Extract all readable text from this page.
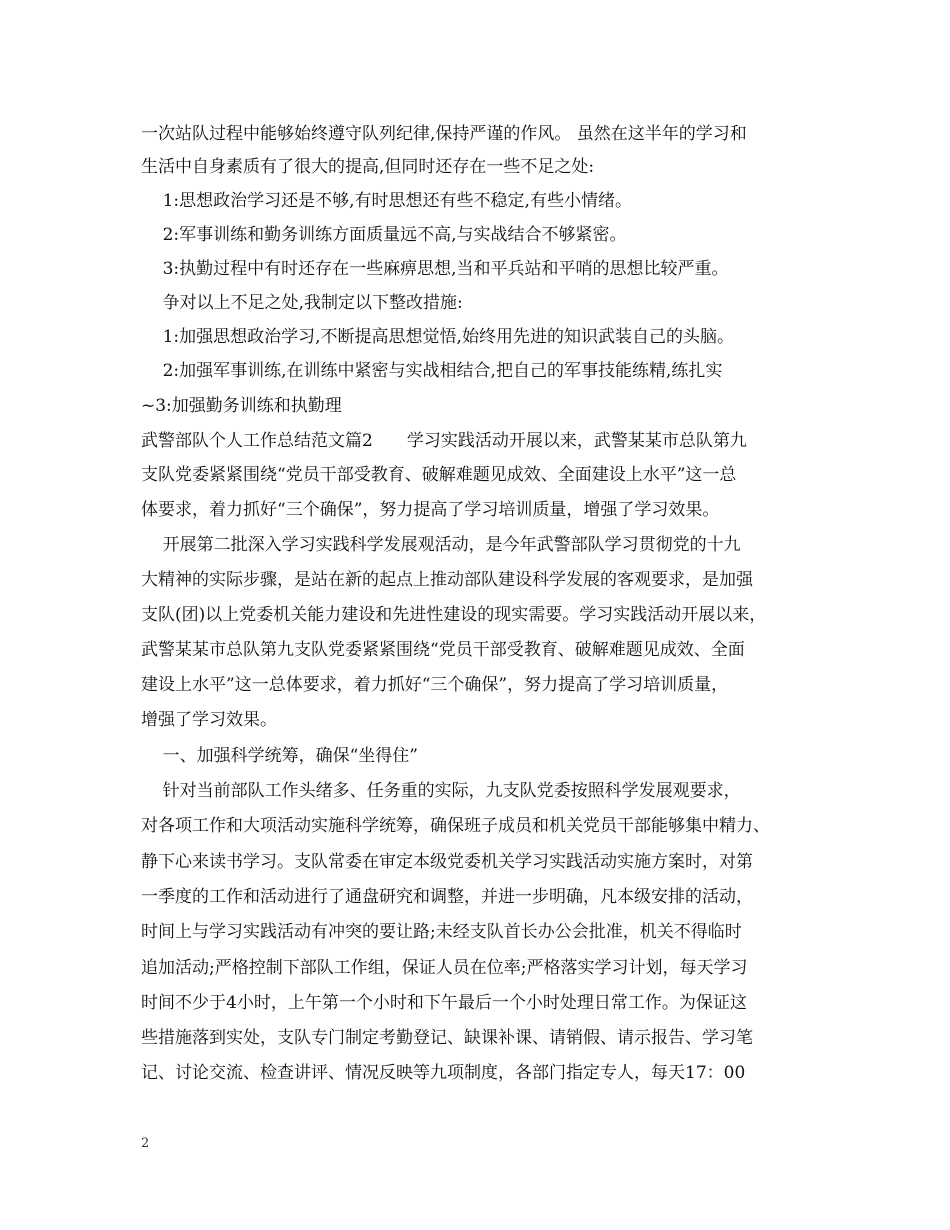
一次站队过程中能够始终遵守队列纪律,保持严谨的作风。 虽然在这半年的学习和
生活中自身素质有了很大的提高,但同时还存在一些不足之处:
1:思想政治学习还是不够,有时思想还有些不稳定,有些小情绪。
2:军事训练和勤务训练方面质量远不高,与实战结合不够紧密。
3:执勤过程中有时还存在一些麻痹思想,当和平兵站和平哨的思想比较严重。
争对以上不足之处,我制定以下整改措施:
1:加强思想政治学习,不断提高思想觉悟,始终用先进的知识武装自己的头脑。
2:加强军事训练,在训练中紧密与实战相结合,把自己的军事技能练精,练扎实
~3:加强勤务训练和执勤理
武警部队个人工作总结范文篇2 学习实践活动开展以来，武警某某市总队第九
支队党委紧紧围绕“党员干部受教育、破解难题见成效、全面建设上水平”这一总
体要求，着力抓好“三个确保”，努力提高了学习培训质量，增强了学习效果。
开展第二批深入学习实践科学发展观活动，是今年武警部队学习贯彻党的十九
大精神的实际步骤，是站在新的起点上推动部队建设科学发展的客观要求，是加强
支队(团)以上党委机关能力建设和先进性建设的现实需要。学习实践活动开展以来，
武警某某市总队第九支队党委紧紧围绕“党员干部受教育、破解难题见成效、全面
建设上水平”这一总体要求，着力抓好“三个确保”，努力提高了学习培训质量，
增强了学习效果。
一、加强科学统筹，确保“坐得住”
针对当前部队工作头绪多、任务重的实际，九支队党委按照科学发展观要求，
对各项工作和大项活动实施科学统筹，确保班子成员和机关党员干部能够集中精力、
静下心来读书学习。支队常委在审定本级党委机关学习实践活动实施方案时，对第
一季度的工作和活动进行了通盘研究和调整，并进一步明确，凡本级安排的活动，
时间上与学习实践活动有冲突的要让路;未经支队首长办公会批准，机关不得临时
追加活动;严格控制下部队工作组，保证人员在位率;严格落实学习计划，每天学习
时间不少于4小时，上午第一个小时和下午最后一个小时处理日常工作。为保证这
些措施落到实处，支队专门制定考勤登记、缺课补课、请销假、请示报告、学习笔
记、讨论交流、检查讲评、情况反映等九项制度，各部门指定专人，每天17：00
2
